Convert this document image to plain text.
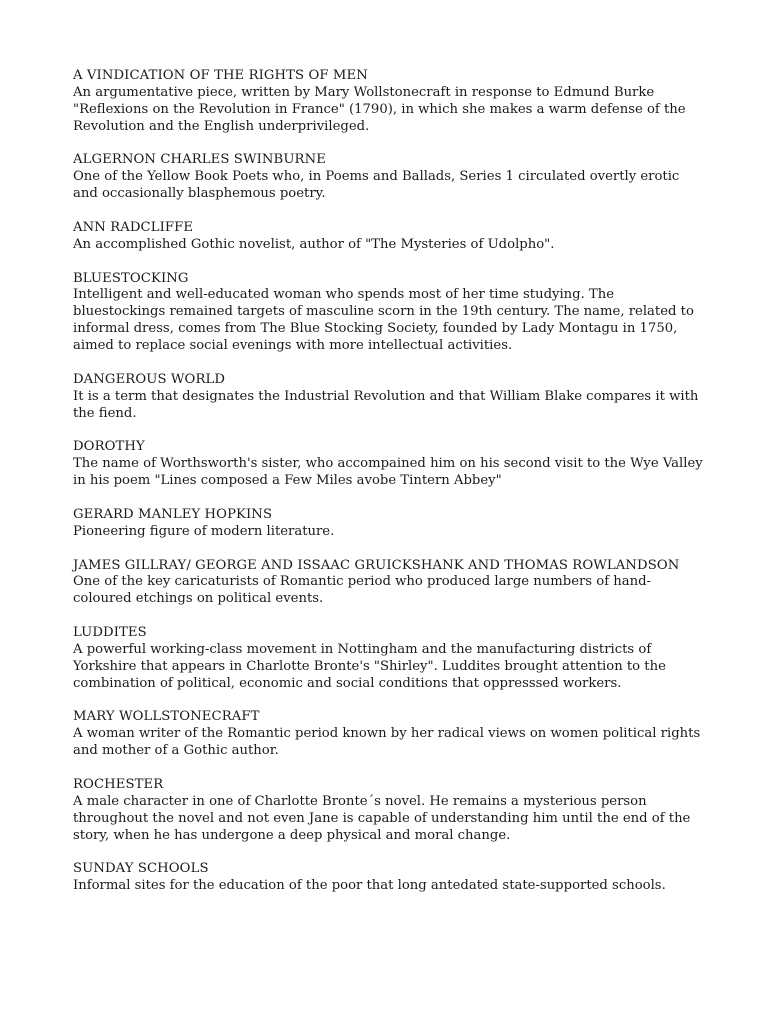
A VINDICATION OF THE RIGHTS OF MEN
An argumentative piece, written by Mary Wollstonecraft in response to Edmund Burke "Reflexions on the Revolution in France" (1790), in which she makes a warm defense of the Revolution and the English underprivileged.
ALGERNON CHARLES SWINBURNE
One of the Yellow Book Poets who, in Poems and Ballads, Series 1 circulated overtly erotic and occasionally blasphemous poetry.
ANN RADCLIFFE
An accomplished Gothic novelist, author of "The Mysteries of Udolpho".
BLUESTOCKING
Intelligent and well-educated woman who spends most of her time studying. The bluestockings remained targets of masculine scorn in the 19th century. The name, related to informal dress, comes from The Blue Stocking Society, founded by Lady Montagu in 1750, aimed to replace social evenings with more intellectual activities.
DANGEROUS WORLD
It is a term that designates the Industrial Revolution and that William Blake compares it with the fiend.
DOROTHY
The name of Worthsworth's sister, who accompained him on his second visit to the Wye Valley in his poem "Lines composed a Few Miles avobe Tintern Abbey"
GERARD MANLEY HOPKINS
Pioneering figure of modern literature.
JAMES GILLRAY/ GEORGE AND ISSAAC GRUICKSHANK AND THOMAS ROWLANDSON
One of the key caricaturists of Romantic period who produced large numbers of hand-coloured etchings on political events.
LUDDITES
A powerful working-class movement in Nottingham and the manufacturing districts of Yorkshire that appears in Charlotte Bronte's "Shirley". Luddites brought attention to the combination of political, economic and social conditions that oppresssed workers.
MARY WOLLSTONECRAFT
A woman writer of the Romantic period known by her radical views on women political rights and mother of a Gothic author.
ROCHESTER
A male character in one of Charlotte Bronte´s novel. He remains a mysterious person throughout the novel and not even Jane is capable of understanding him until the end of the story, when he has undergone a deep physical and moral change.
SUNDAY SCHOOLS
Informal sites for the education of the poor that long antedated state-supported schools.
